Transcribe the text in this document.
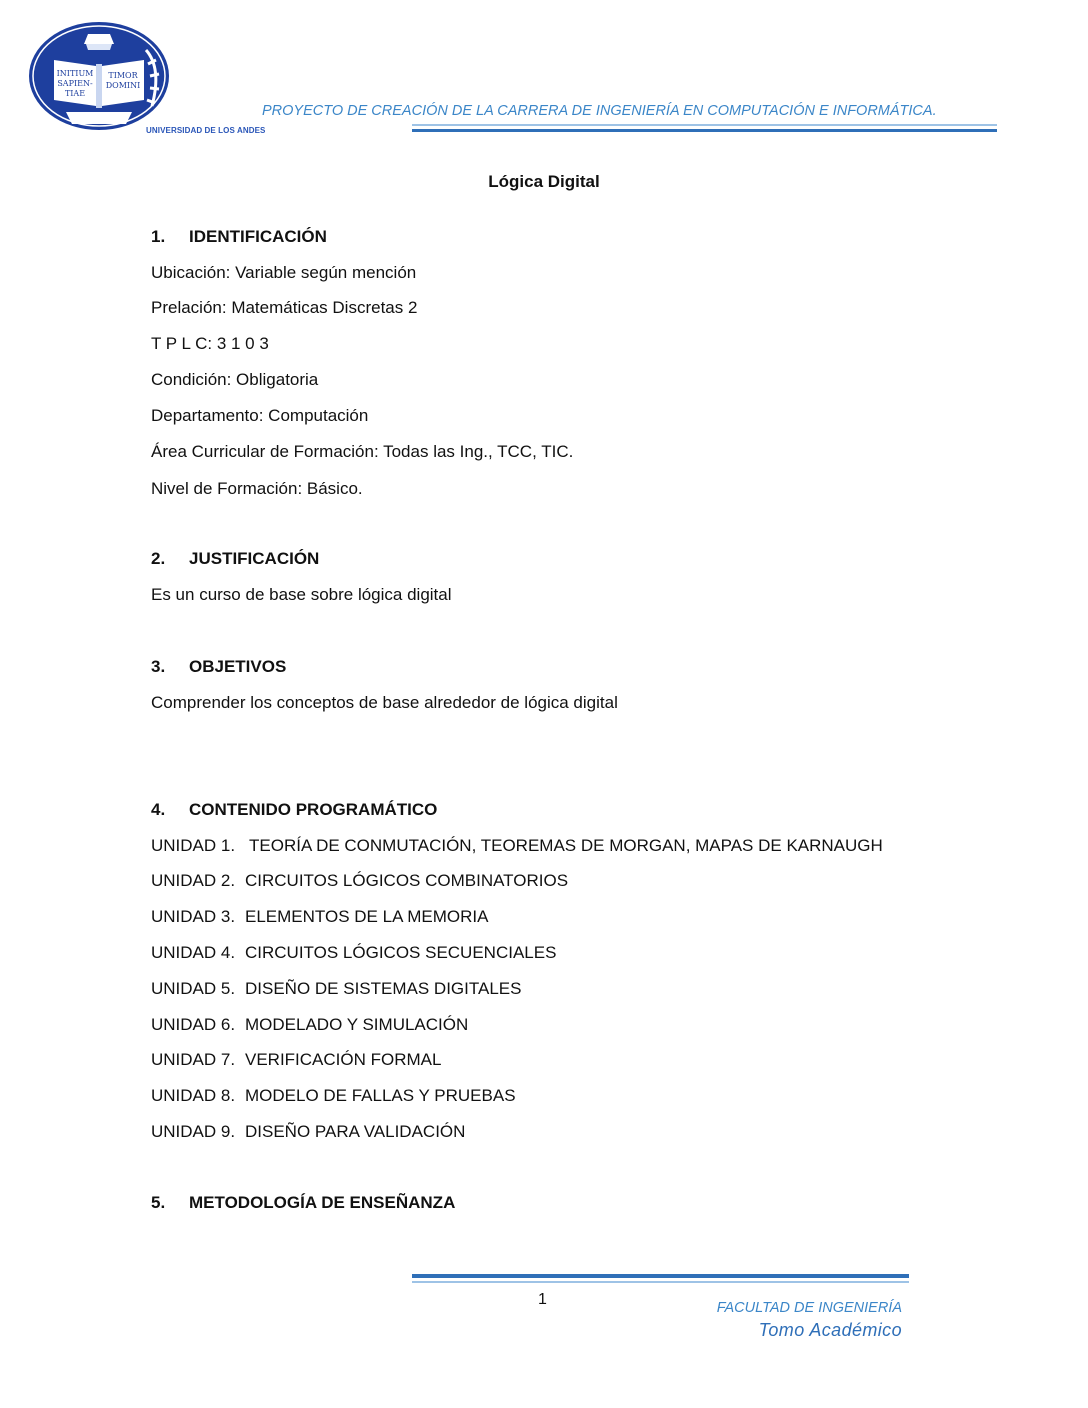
INITIUM
SAPIEN-
TIAE
TIMOR
DOMINI
UNIVERSIDAD DE LOS ANDES
PROYECTO DE CREACIÓN DE LA CARRERA DE INGENIERÍA EN COMPUTACIÓN E INFORMÁTICA.
Lógica Digital
1. IDENTIFICACIÓN
Ubicación: Variable según mención
Prelación: Matemáticas Discretas 2
T P L C: 3 1 0 3
Condición: Obligatoria
Departamento: Computación
Área Curricular de Formación: Todas las Ing., TCC, TIC.
Nivel de Formación: Básico.
2. JUSTIFICACIÓN
Es un curso de base sobre lógica digital
3. OBJETIVOS
Comprender los conceptos de base alrededor de lógica digital
4. CONTENIDO PROGRAMÁTICO
UNIDAD 1. TEORÍA DE CONMUTACIÓN, TEOREMAS DE MORGAN, MAPAS DE KARNAUGH
UNIDAD 2. CIRCUITOS LÓGICOS COMBINATORIOS
UNIDAD 3. ELEMENTOS DE LA MEMORIA
UNIDAD 4. CIRCUITOS LÓGICOS SECUENCIALES
UNIDAD 5. DISEÑO DE SISTEMAS DIGITALES
UNIDAD 6. MODELADO Y SIMULACIÓN
UNIDAD 7. VERIFICACIÓN FORMAL
UNIDAD 8. MODELO DE FALLAS Y PRUEBAS
UNIDAD 9. DISEÑO PARA VALIDACIÓN
5. METODOLOGÍA DE ENSEÑANZA
1	FACULTAD DE INGENIERÍA
Tomo Académico
